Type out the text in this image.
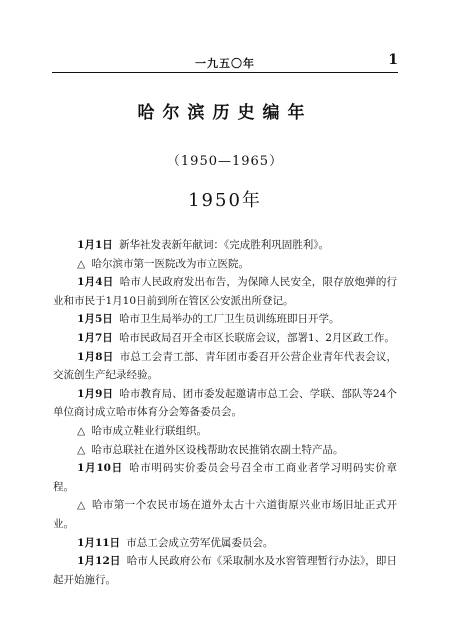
一九五〇年	1
哈尔滨历史编年
（1950—1965）
1950年

1月1日 新华社发表新年献词：《完成胜利巩固胜利》。

△ 哈尔滨市第一医院改为市立医院。

1月4日 哈市人民政府发出布告，为保障人民安全，限存放炮弹的行业和市民于1月10日前到所在管区公安派出所登记。

1月5日 哈市卫生局举办的工厂卫生员训练班即日开学。

1月7日 哈市民政局召开全市区长联席会议，部署1、2月区政工作。

1月8日 市总工会青工部、青年团市委召开公营企业青年代表会议，交流创生产纪录经验。

1月9日 哈市教育局、团市委发起邀请市总工会、学联、部队等24个单位商讨成立哈市体育分会筹备委员会。

△ 哈市成立鞋业行联组织。

△ 哈市总联社在道外区设栈帮助农民推销农副土特产品。

1月10日 哈市明码实价委员会号召全市工商业者学习明码实价章程。

△ 哈市第一个农民市场在道外太古十六道街原兴业市场旧址正式开业。

1月11日 市总工会成立劳军优属委员会。

1月12日 哈市人民政府公布《采取制水及水窖管理暂行办法》，即日起开始施行。
